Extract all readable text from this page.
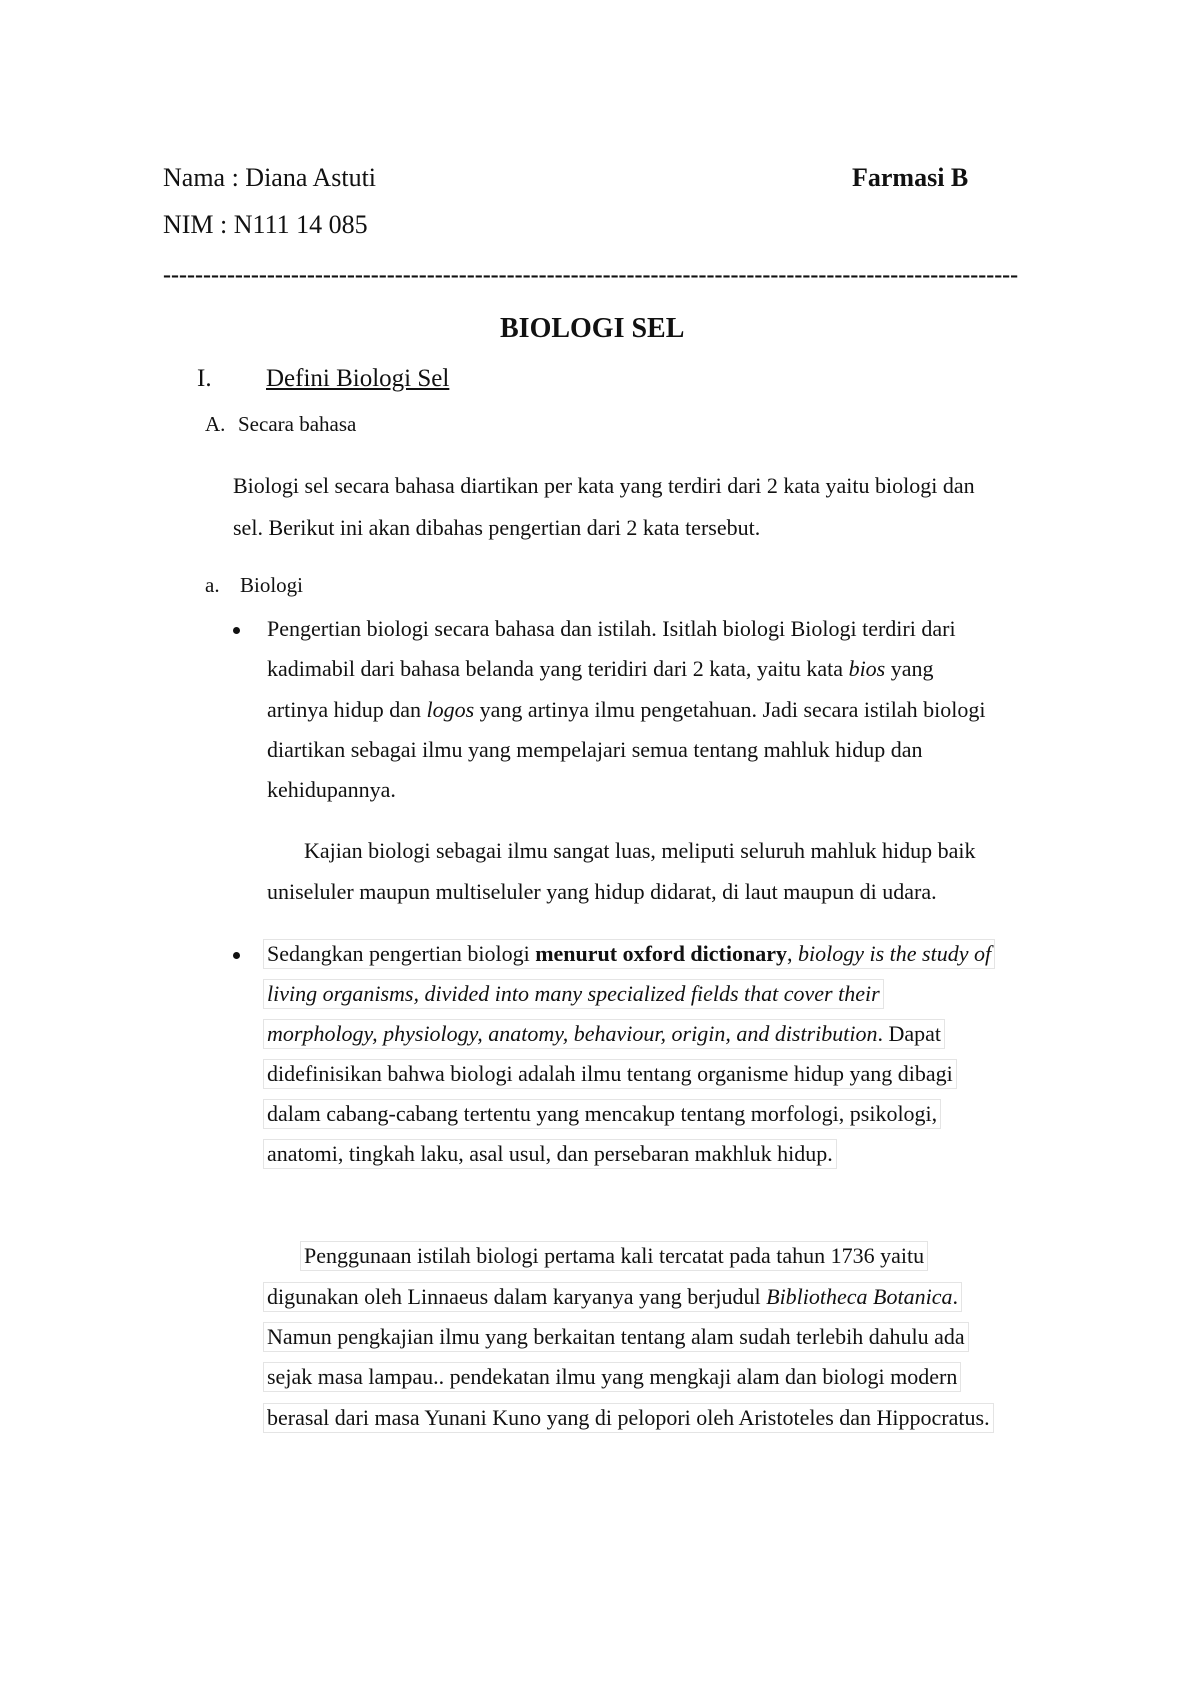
Nama : Diana Astuti	Farmasi B
NIM : N111 14 085
-----------------------------------------------------------------------------------------------------------
BIOLOGI SEL
I. Defini Biologi Sel
A. Secara bahasa
Biologi sel secara bahasa diartikan per kata yang terdiri dari 2 kata yaitu biologi dan
sel. Berikut ini akan dibahas pengertian dari 2 kata tersebut.
a. Biologi
Pengertian biologi secara bahasa dan istilah. Isitlah biologi Biologi terdiri dari
kadimabil dari bahasa belanda yang teridiri dari 2 kata, yaitu kata bios yang
artinya hidup dan logos yang artinya ilmu pengetahuan. Jadi secara istilah biologi
diartikan sebagai ilmu yang mempelajari semua tentang mahluk hidup dan
kehidupannya.
Kajian biologi sebagai ilmu sangat luas, meliputi seluruh mahluk hidup baik
uniseluler maupun multiseluler yang hidup didarat, di laut maupun di udara.
Sedangkan pengertian biologi menurut oxford dictionary, biology is the study of
living organisms, divided into many specialized fields that cover their
morphology, physiology, anatomy, behaviour, origin, and distribution. Dapat
didefinisikan bahwa biologi adalah ilmu tentang organisme hidup yang dibagi
dalam cabang-cabang tertentu yang mencakup tentang morfologi, psikologi,
anatomi, tingkah laku, asal usul, dan persebaran makhluk hidup.
Penggunaan istilah biologi pertama kali tercatat pada tahun 1736 yaitu
digunakan oleh Linnaeus dalam karyanya yang berjudul Bibliotheca Botanica.
Namun pengkajian ilmu yang berkaitan tentang alam sudah terlebih dahulu ada
sejak masa lampau.. pendekatan ilmu yang mengkaji alam dan biologi modern
berasal dari masa Yunani Kuno yang di pelopori oleh Aristoteles dan Hippocratus.
